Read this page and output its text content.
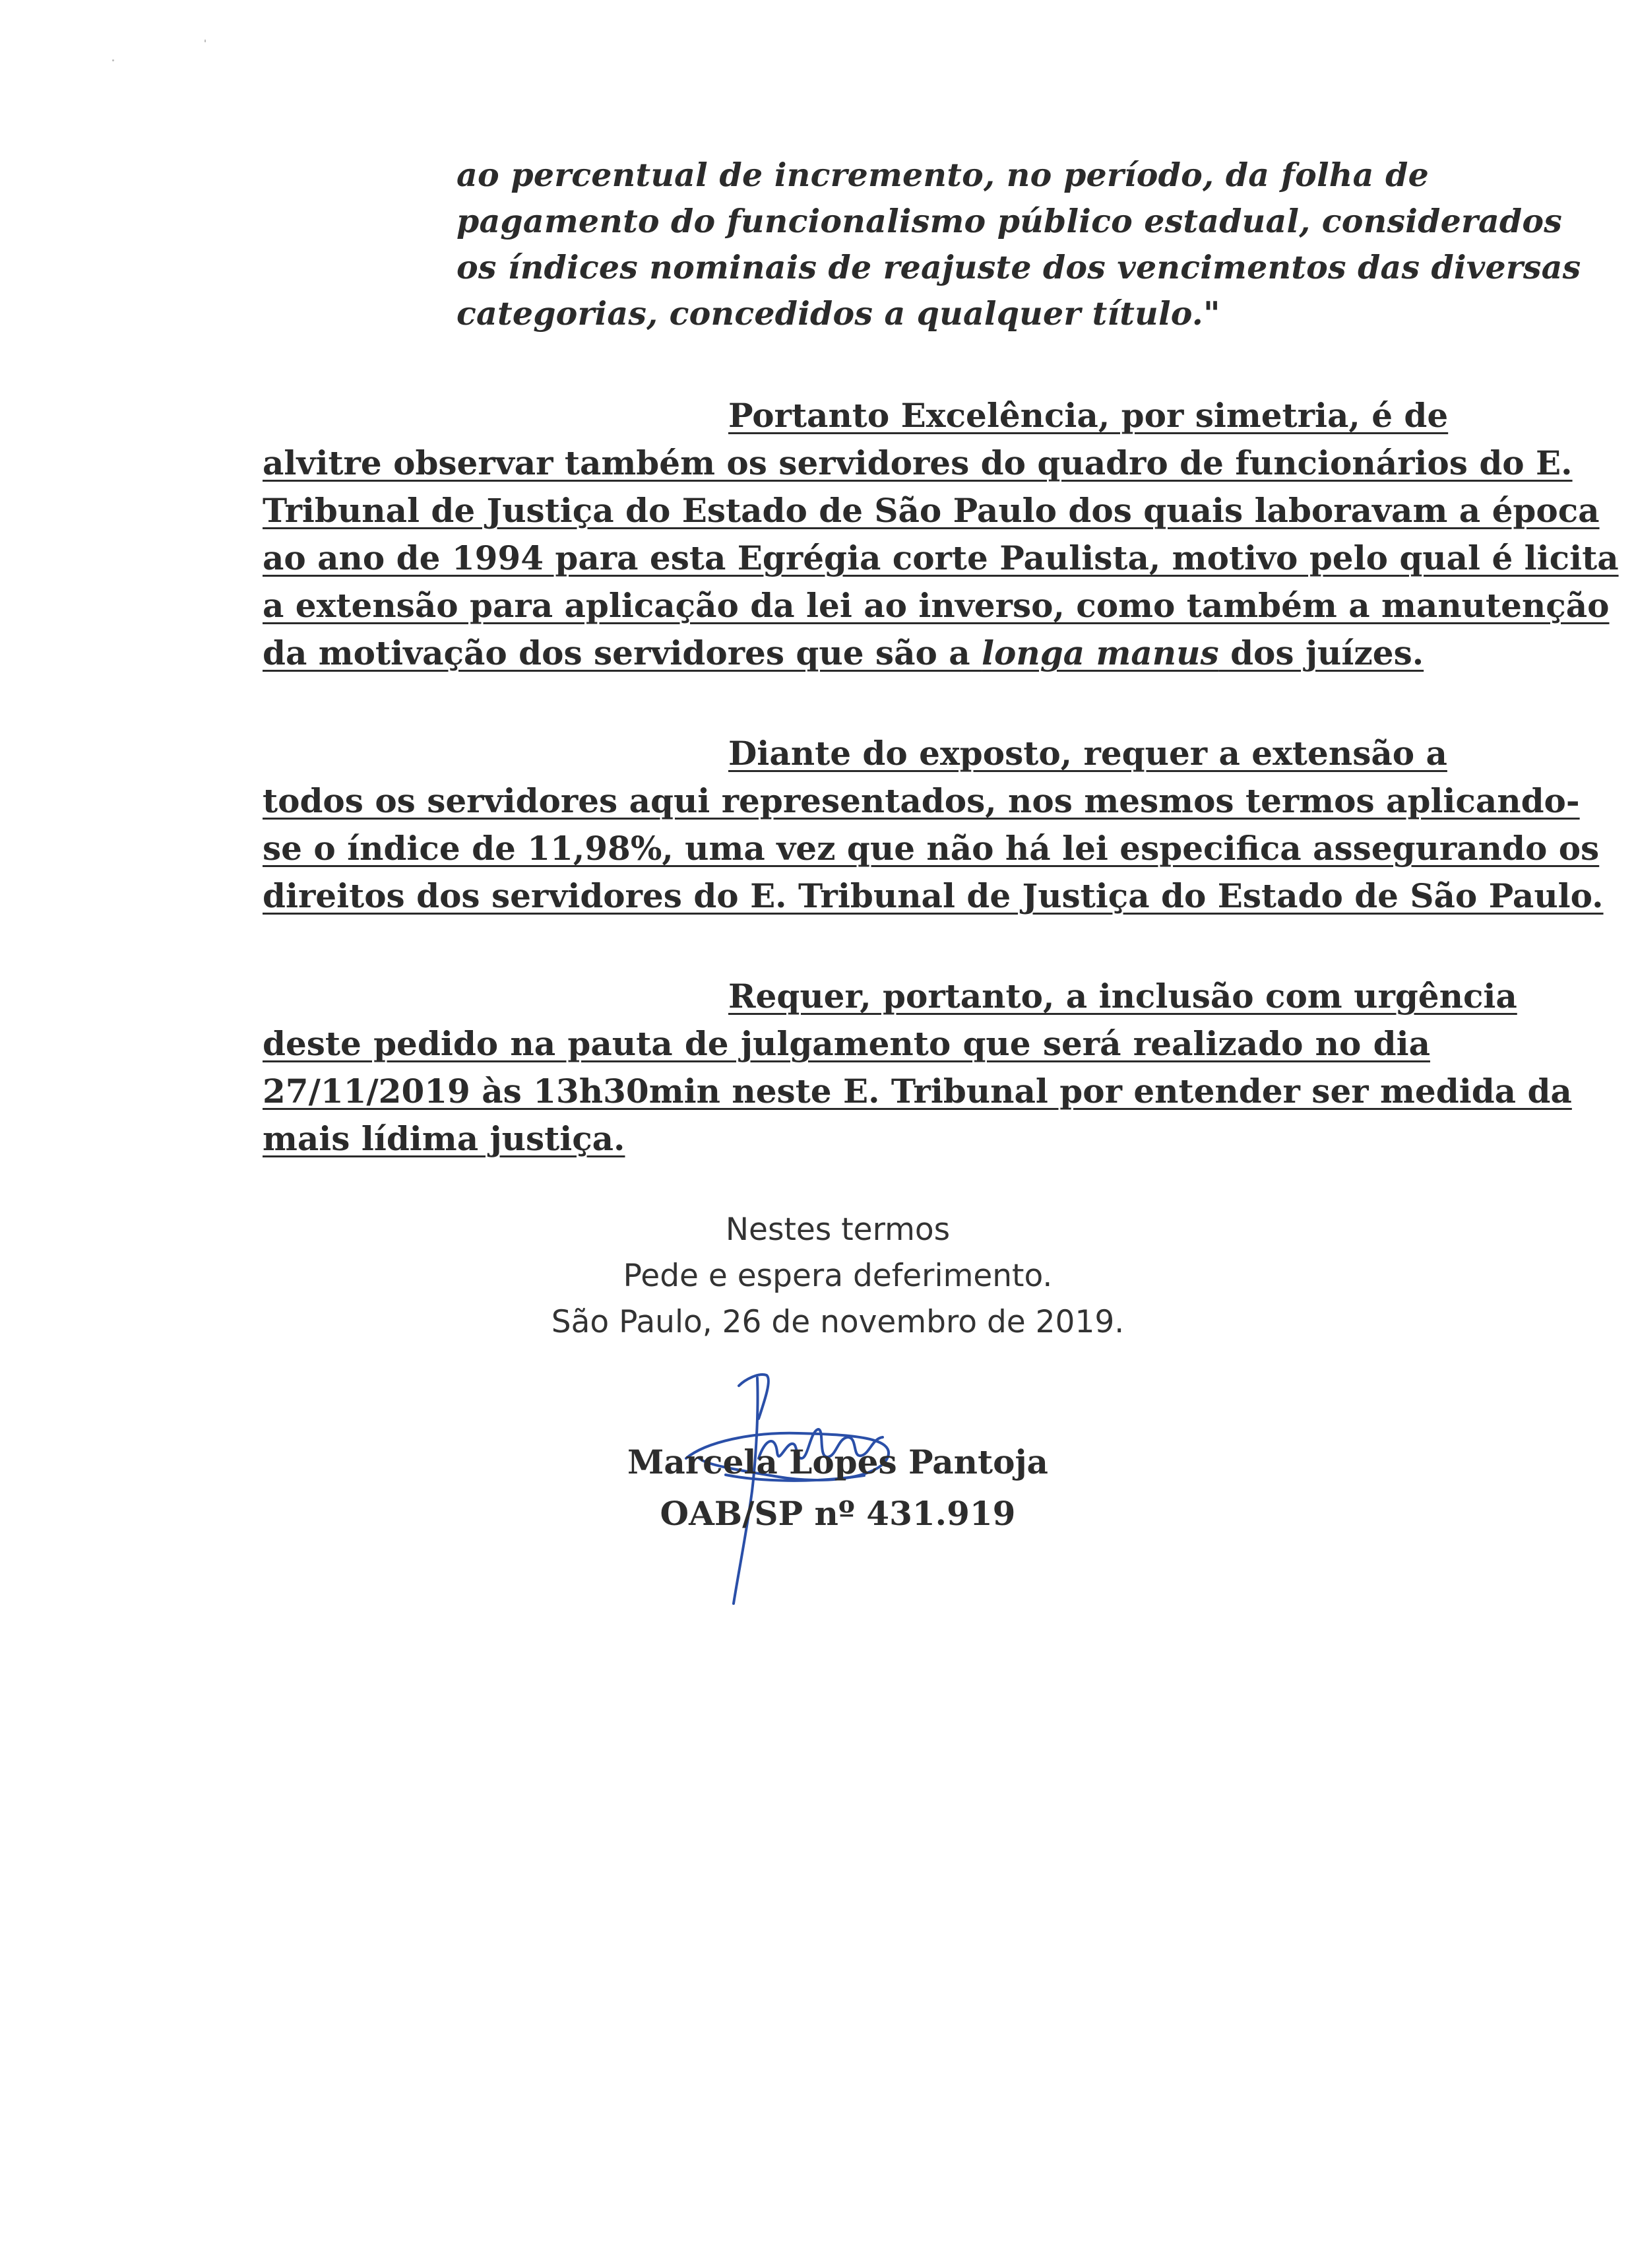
ao percentual de incremento, no período, da folha de

pagamento do funcionalismo público estadual, considerados

os índices nominais de reajuste dos vencimentos das diversas

categorias, concedidos a qualquer título."

Portanto Excelência, por simetria, é de

alvitre observar também os servidores do quadro de funcionários do E.

Tribunal de Justiça do Estado de São Paulo dos quais laboravam a época

ao ano de 1994 para esta Egrégia corte Paulista, motivo pelo qual é licita

a extensão para aplicação da lei ao inverso, como também a manutenção

da motivação dos servidores que são a longa manus dos juízes.

Diante do exposto, requer a extensão a

todos os servidores aqui representados, nos mesmos termos aplicando-

se o índice de 11,98%, uma vez que não há lei especifica assegurando os

direitos dos servidores do E. Tribunal de Justiça do Estado de São Paulo.

Requer, portanto, a inclusão com urgência

deste pedido na pauta de julgamento que será realizado no dia

27/11/2019 às 13h30min neste E. Tribunal por entender ser medida da

mais lídima justiça.

Nestes termos
Pede e espera deferimento.
São Paulo, 26 de novembro de 2019.
Marcela Lopes Pantoja
OAB/SP nº 431.919
